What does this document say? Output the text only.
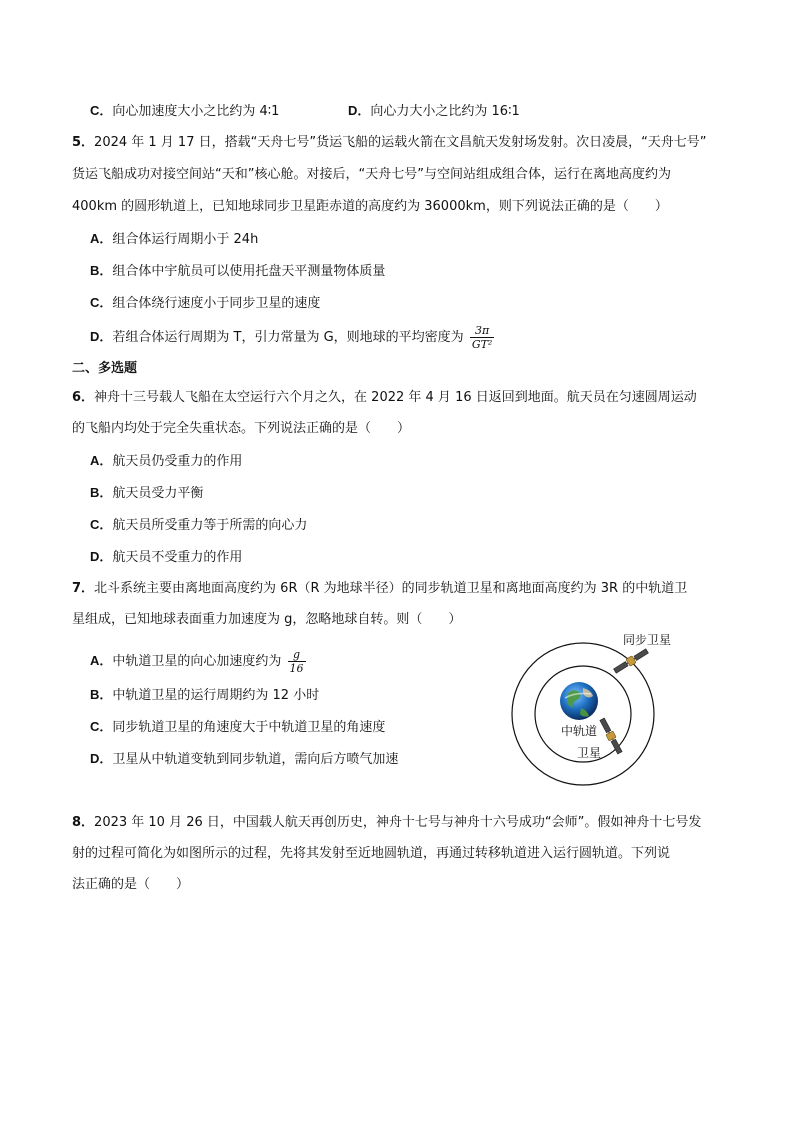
C．向心加速度大小之比约为 4∶1	D．向心力大小之比约为 16∶1
5．2024 年 1 月 17 日，搭载“天舟七号”货运飞船的运载火箭在文昌航天发射场发射。次日凌晨，“天舟七号”
货运飞船成功对接空间站“天和”核心舱。对接后，“天舟七号”与空间站组成组合体，运行在离地高度约为
400km 的圆形轨道上，已知地球同步卫星距赤道的高度约为 36000km，则下列说法正确的是（　　）
A．组合体运行周期小于 24h
B．组合体中宇航员可以使用托盘天平测量物体质量
C．组合体绕行速度小于同步卫星的速度
D．若组合体运行周期为 T，引力常量为 G，则地球的平均密度为 $\frac{3\pi}{\text{GT²}}$
二、多选题
6．神舟十三号载人飞船在太空运行六个月之久，在 2022 年 4 月 16 日返回到地面。航天员在匀速圆周运动
的飞船内均处于完全失重状态。下列说法正确的是（　　）
A．航天员仍受重力的作用
B．航天员受力平衡
C．航天员所受重力等于所需的向心力
D．航天员不受重力的作用
7．北斗系统主要由离地面高度约为 6R（R 为地球半径）的同步轨道卫星和离地面高度约为 3R 的中轨道卫
星组成，已知地球表面重力加速度为 g，忽略地球自转。则（　　）
A．中轨道卫星的向心加速度约为 $\frac{g}{16}$
B．中轨道卫星的运行周期约为 12 小时
C．同步轨道卫星的角速度大于中轨道卫星的角速度
D．卫星从中轨道变轨到同步轨道，需向后方喷气加速
同步卫星
中轨道
卫星
8．2023 年 10 月 26 日，中国载人航天再创历史，神舟十七号与神舟十六号成功“会师”。假如神舟十七号发
射的过程可简化为如图所示的过程，先将其发射至近地圆轨道，再通过转移轨道进入运行圆轨道。下列说
法正确的是（　　）
